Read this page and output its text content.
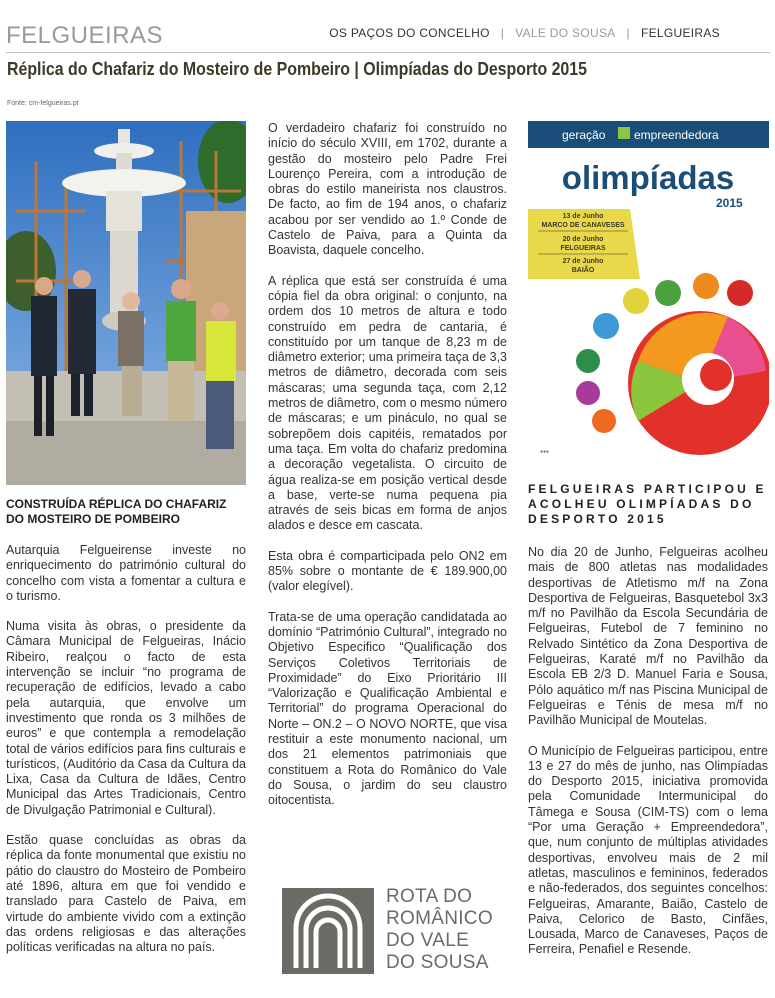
FELGUEIRAS	OS PAÇOS DO CONCELHO | VALE DO SOUSA | FELGUEIRAS
Réplica do Chafariz do Mosteiro de Pombeiro | Olimpíadas do Desporto 2015
Fonte: cm-felgueiras.pt
CONSTRUÍDA RÉPLICA DO CHAFARIZ DO MOSTEIRO DE POMBEIRO

Autarquia Felgueirense investe no enriquecimento do património cultural do concelho com vista a fomentar a cultura e o turismo.

Numa visita às obras, o presidente da Câmara Municipal de Felgueiras, Inácio Ribeiro, realçou o facto de esta intervenção se incluir “no programa de recuperação de edifícios, levado a cabo pela autarquia, que envolve um investimento que ronda os 3 milhões de euros” e que contempla a remodelação total de vários edifícios para fins culturais e turísticos, (Auditório da Casa da Cultura da Lixa, Casa da Cultura de Idães, Centro Municipal das Artes Tradicionais, Centro de Divulgação Patrimonial e Cultural).

Estão quase concluídas as obras da réplica da fonte monumental que existiu no pátio do claustro do Mosteiro de Pombeiro até 1896, altura em que foi vendido e translado para Castelo de Paiva, em virtude do ambiente vivido com a extinção das ordens religiosas e das alterações políticas verificadas na altura no país.

O verdadeiro chafariz foi construído no início do século XVIII, em 1702, durante a gestão do mosteiro pelo Padre Frei Lourenço Pereira, com a introdução de obras do estilo maneirista nos claustros. De facto, ao fim de 194 anos, o chafariz acabou por ser vendido ao 1.º Conde de Castelo de Paiva, para a Quinta da Boavista, daquele concelho.

A réplica que está ser construída é uma cópia fiel da obra original: o conjunto, na ordem dos 10 metros de altura e todo construído em pedra de cantaria, é constituído por um tanque de 8,23 m de diâmetro exterior; uma primeira taça de 3,3 metros de diâmetro, decorada com seis máscaras; uma segunda taça, com 2,12 metros de diâmetro, com o mesmo número de máscaras; e um pináculo, no qual se sobrepõem dois capitéis, rematados por uma taça. Em volta do chafariz predomina a decoração vegetalista. O circuito de água realiza-se em posição vertical desde a base, verte-se numa pequena pia através de seis bicas em forma de anjos alados e desce em cascata.

Esta obra é comparticipada pelo ON2 em 85% sobre o montante de € 189.900,00 (valor elegível).

Trata-se de uma operação candidatada ao domínio “Património Cultural”, integrado no Objetivo Especifico “Qualificação dos Serviços Coletivos Territoriais de Proximidade” do Eixo Prioritário III “Valorização e Qualificação Ambiental e Territorial” do programa Operacional do Norte – ON.2 – O NOVO NORTE, que visa restituir a este monumento nacional, um dos 21 elementos patrimoniais que constituem a Rota do Românico do Vale do Sousa, o jardim do seu claustro oitocentista.

ROTA DO
ROMÂNICO
DO VALE
DO SOUSA
geração empreendedora
olimpíadas
2015
13 de Junho
MARCO DE CANAVESES
20 de Junho
FELGUEIRAS
27 de Junho
BAIÃO
●●●
FELGUEIRAS PARTICIPOU E ACOLHEU OLIMPÍADAS DO DESPORTO 2015

No dia 20 de Junho, Felgueiras acolheu mais de 800 atletas nas modalidades desportivas de Atletismo m/f na Zona Desportiva de Felgueiras, Basquetebol 3x3 m/f no Pavilhão da Escola Secundária de Felgueiras, Futebol de 7 feminino no Relvado Sintético da Zona Desportiva de Felgueiras, Karaté m/f no Pavilhão da Escola EB 2/3 D. Manuel Faria e Sousa, Pólo aquático m/f nas Piscina Municipal de Felgueiras e Ténis de mesa m/f no Pavilhão Municipal de Moutelas.

O Município de Felgueiras participou, entre 13 e 27 do mês de junho, nas Olimpíadas do Desporto 2015, iniciativa promovida pela Comunidade Intermunicipal do Tâmega e Sousa (CIM-TS) com o lema “Por uma Geração + Empreendedora”, que, num conjunto de múltiplas atividades desportivas, envolveu mais de 2 mil atletas, masculinos e femininos, federados e não-federados, dos seguintes concelhos: Felgueiras, Amarante, Baião, Castelo de Paiva, Celorico de Basto, Cinfães, Lousada, Marco de Canaveses, Paços de Ferreira, Penafiel e Resende.
